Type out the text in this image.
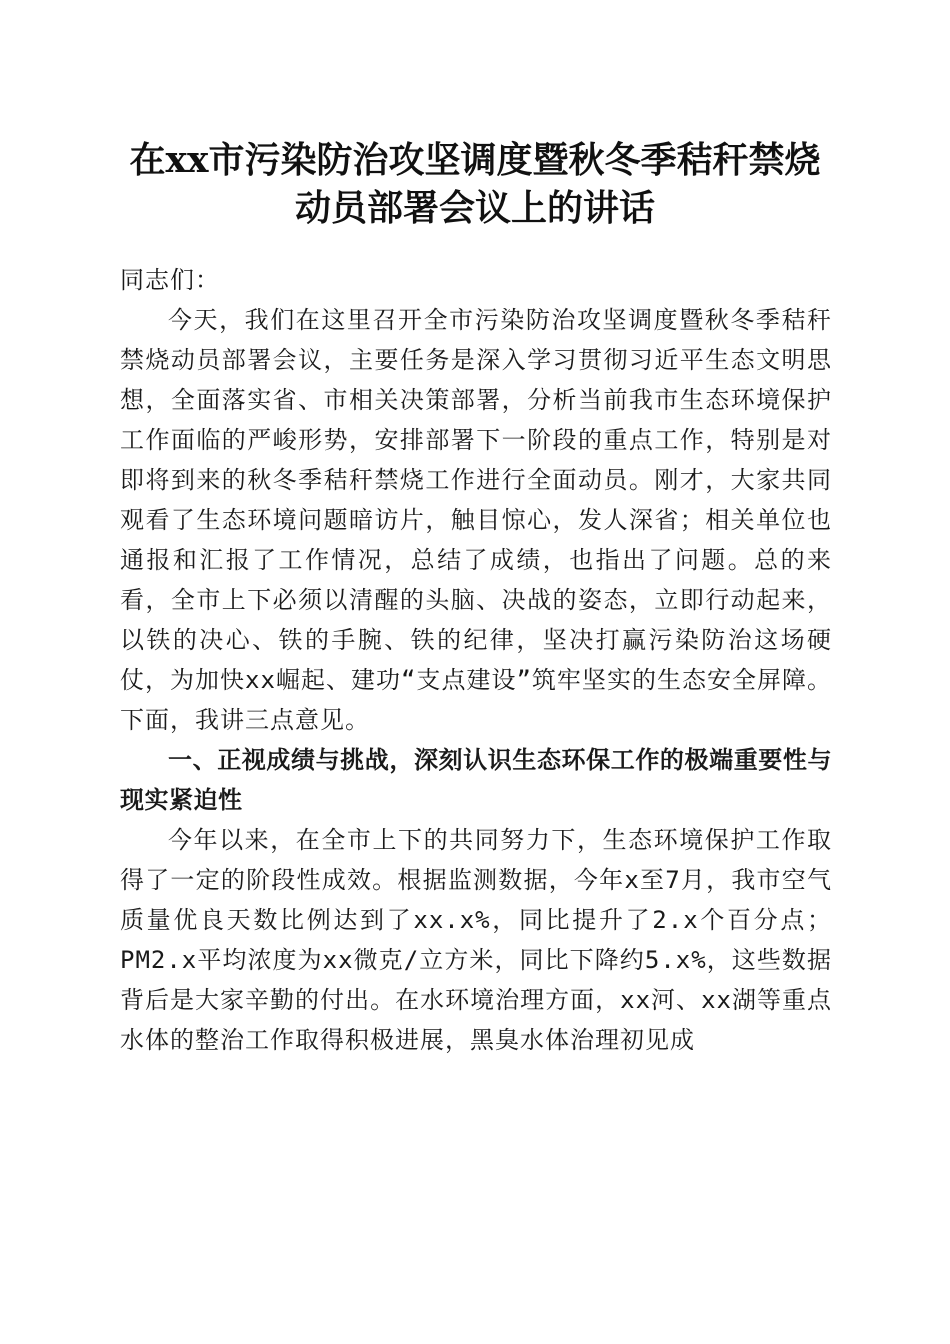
在xx市污染防治攻坚调度暨秋冬季秸秆禁烧
动员部署会议上的讲话

同志们：

今天，我们在这里召开全市污染防治攻坚调度暨秋冬季秸秆禁烧动员部署会议，主要任务是深入学习贯彻习近平生态文明思想，全面落实省、市相关决策部署，分析当前我市生态环境保护工作面临的严峻形势，安排部署下一阶段的重点工作，特别是对即将到来的秋冬季秸秆禁烧工作进行全面动员。刚才，大家共同观看了生态环境问题暗访片，触目惊心，发人深省；相关单位也通报和汇报了工作情况，总结了成绩，也指出了问题。总的来看，全市上下必须以清醒的头脑、决战的姿态，立即行动起来，以铁的决心、铁的手腕、铁的纪律，坚决打赢污染防治这场硬仗，为加快xx崛起、建功“支点建设”筑牢坚实的生态安全屏障。下面，我讲三点意见。

一、正视成绩与挑战，深刻认识生态环保工作的极端重要性与现实紧迫性

今年以来，在全市上下的共同努力下，生态环境保护工作取得了一定的阶段性成效。根据监测数据，今年x至7月，我市空气质量优良天数比例达到了xx.x%，同比提升了2.x个百分点；PM2.x平均浓度为xx微克/立方米，同比下降约5.x%，这些数据背后是大家辛勤的付出。在水环境治理方面，xx河、xx湖等重点水体的整治工作取得积极进展，黑臭水体治理初见成
